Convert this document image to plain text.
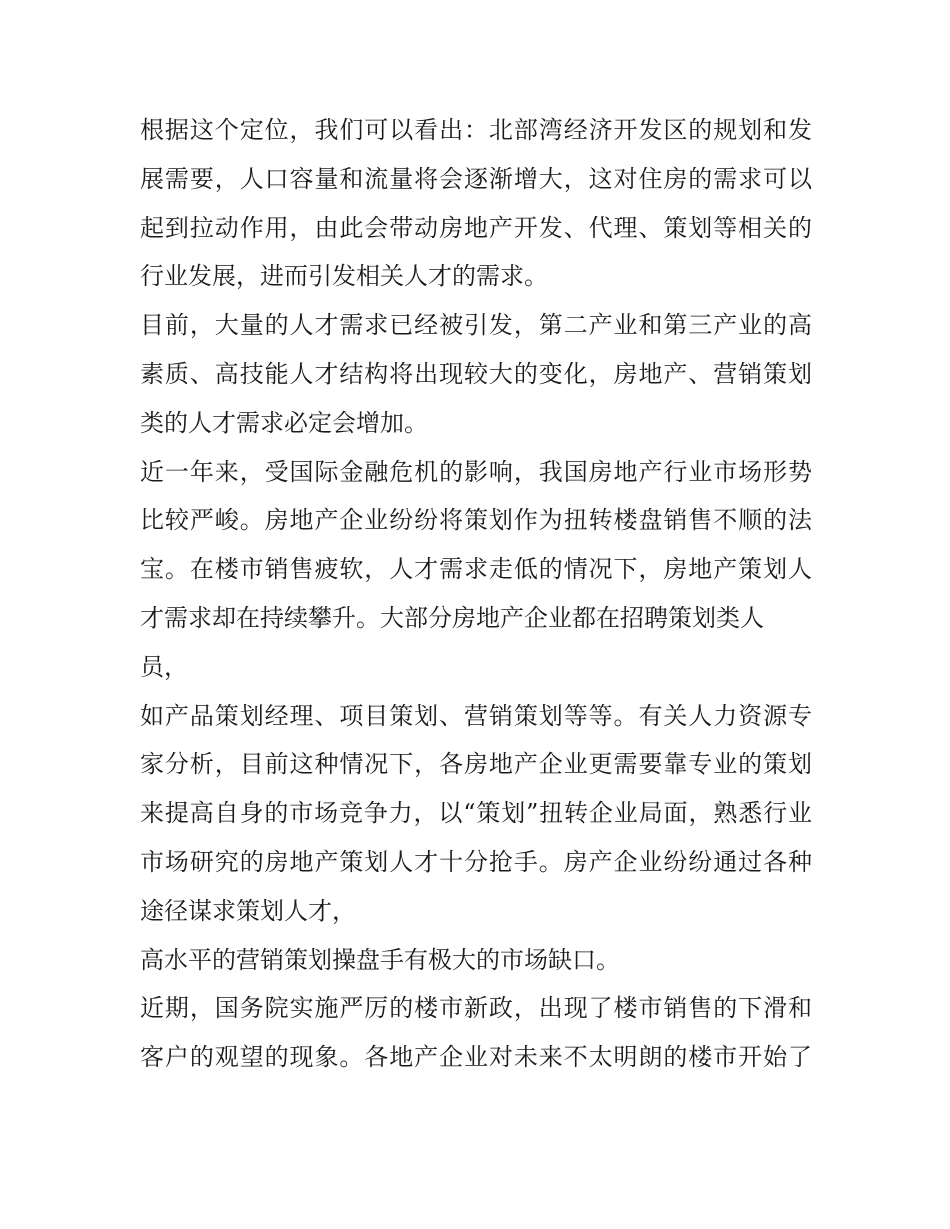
根据这个定位，我们可以看出：北部湾经济开发区的规划和发
展需要，人口容量和流量将会逐渐增大，这对住房的需求可以
起到拉动作用，由此会带动房地产开发、代理、策划等相关的
行业发展，进而引发相关人才的需求。
目前，大量的人才需求已经被引发，第二产业和第三产业的高
素质、高技能人才结构将出现较大的变化，房地产、营销策划
类的人才需求必定会增加。
近一年来，受国际金融危机的影响，我国房地产行业市场形势
比较严峻。房地产企业纷纷将策划作为扭转楼盘销售不顺的法
宝。在楼市销售疲软，人才需求走低的情况下，房地产策划人
才需求却在持续攀升。大部分房地产企业都在招聘策划类人
员，
如产品策划经理、项目策划、营销策划等等。有关人力资源专
家分析，目前这种情况下，各房地产企业更需要靠专业的策划
来提高自身的市场竞争力，以“策划”扭转企业局面，熟悉行业
市场研究的房地产策划人才十分抢手。房产企业纷纷通过各种
途径谋求策划人才，
高水平的营销策划操盘手有极大的市场缺口。
近期，国务院实施严厉的楼市新政，出现了楼市销售的下滑和
客户的观望的现象。各地产企业对未来不太明朗的楼市开始了
